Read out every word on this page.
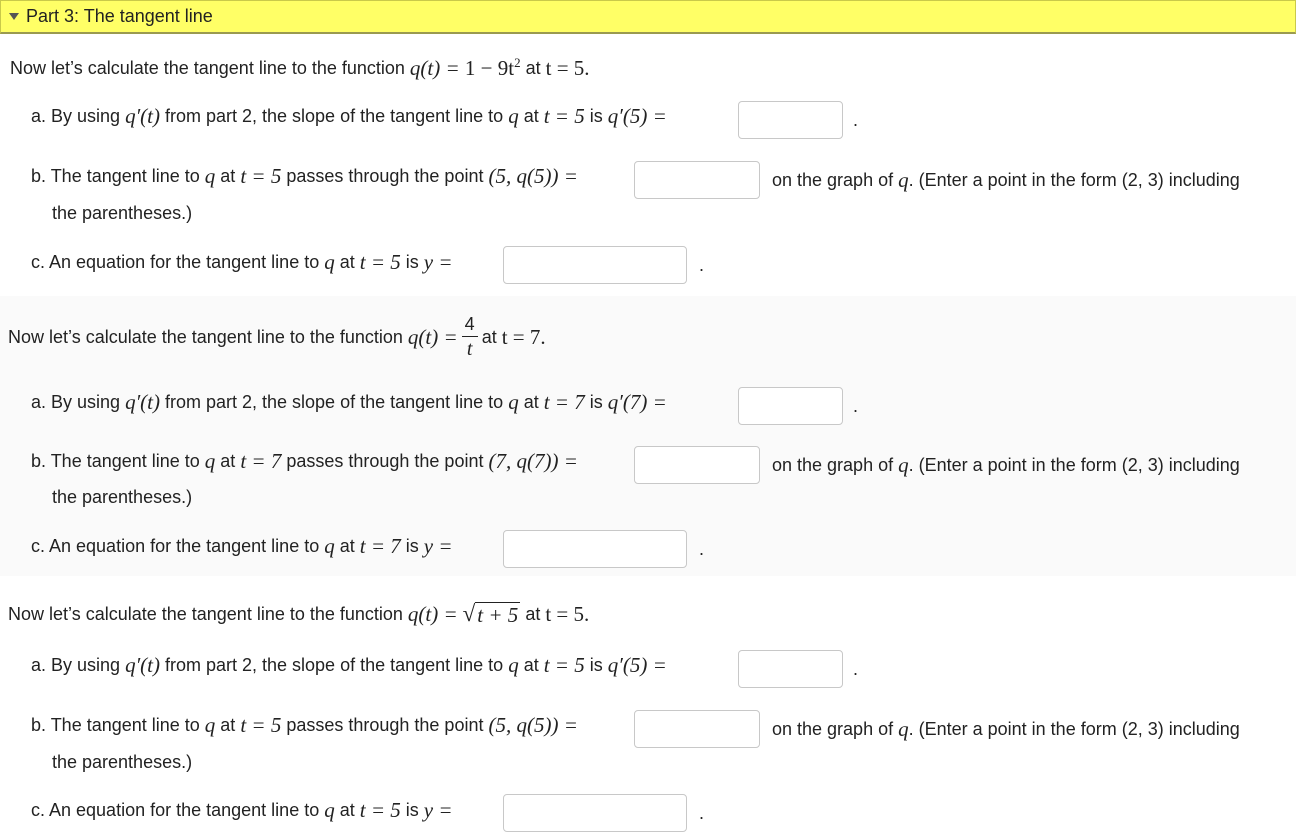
Part 3: The tangent line
Now let’s calculate the tangent line to the function $q(t) = 1 - 9t^2$ at t = 5.
a. By using q′(t) from part 2, the slope of the tangent line to q at t = 5 is q′(5) =	.
b. The tangent line to q at t = 5 passes through the point (5, q(5)) =	on the graph of q . (Enter a point in the form (2, 3) including
the parentheses.)
c. An equation for the tangent line to q at t = 5 is y =	.
Now let’s calculate the tangent line to the function $q(t) = \frac{4}{t}$ at t = 7.
a. By using q′(t) from part 2, the slope of the tangent line to q at t = 7 is q′(7) =	.
b. The tangent line to q at t = 7 passes through the point (7, q(7)) =	on the graph of q . (Enter a point in the form (2, 3) including
the parentheses.)
c. An equation for the tangent line to q at t = 7 is y =	.
Now let’s calculate the tangent line to the function q(t) = √ t + 5 at t = 5.
a. By using q′(t) from part 2, the slope of the tangent line to q at t = 5 is q′(5) =	.
b. The tangent line to q at t = 5 passes through the point (5, q(5)) =	on the graph of q . (Enter a point in the form (2, 3) including
the parentheses.)
c. An equation for the tangent line to q at t = 5 is y =	.
